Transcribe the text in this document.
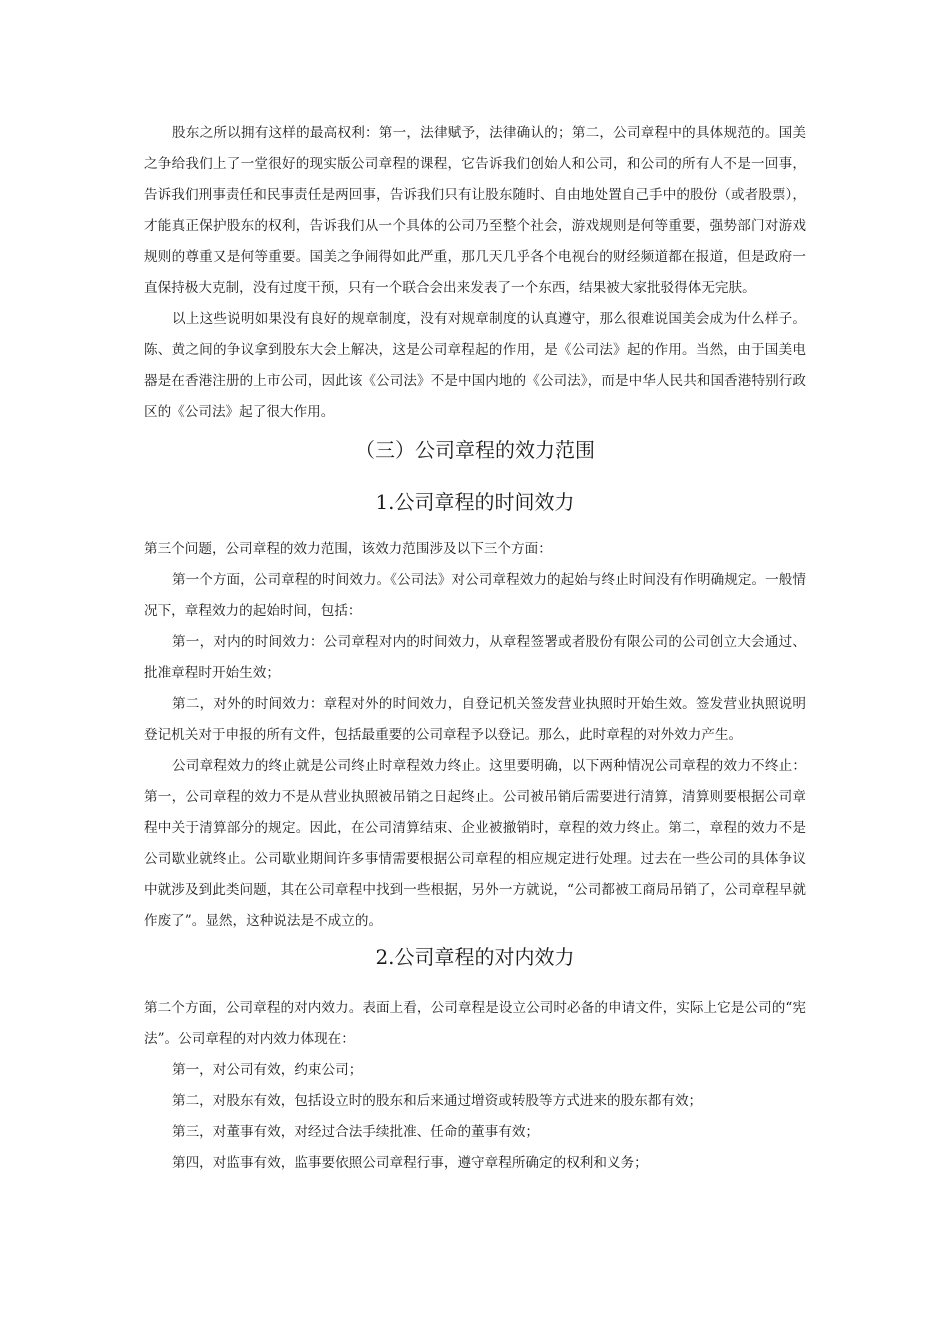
股东之所以拥有这样的最高权利：第一，法律赋予，法律确认的；第二，公司章程中的具体规范的。国美之争给我们上了一堂很好的现实版公司章程的课程，它告诉我们创始人和公司，和公司的所有人不是一回事，告诉我们刑事责任和民事责任是两回事，告诉我们只有让股东随时、自由地处置自己手中的股份（或者股票），才能真正保护股东的权利，告诉我们从一个具体的公司乃至整个社会，游戏规则是何等重要，强势部门对游戏规则的尊重又是何等重要。国美之争闹得如此严重，那几天几乎各个电视台的财经频道都在报道，但是政府一直保持极大克制，没有过度干预，只有一个联合会出来发表了一个东西，结果被大家批驳得体无完肤。

以上这些说明如果没有良好的规章制度，没有对规章制度的认真遵守，那么很难说国美会成为什么样子。陈、黄之间的争议拿到股东大会上解决，这是公司章程起的作用，是《公司法》起的作用。当然，由于国美电器是在香港注册的上市公司，因此该《公司法》不是中国内地的《公司法》，而是中华人民共和国香港特别行政区的《公司法》起了很大作用。

（三）公司章程的效力范围
1.公司章程的时间效力

第三个问题，公司章程的效力范围，该效力范围涉及以下三个方面：

第一个方面，公司章程的时间效力。《公司法》对公司章程效力的起始与终止时间没有作明确规定。一般情况下，章程效力的起始时间，包括：

第一，对内的时间效力：公司章程对内的时间效力，从章程签署或者股份有限公司的公司创立大会通过、批准章程时开始生效；

第二，对外的时间效力：章程对外的时间效力，自登记机关签发营业执照时开始生效。签发营业执照说明登记机关对于申报的所有文件，包括最重要的公司章程予以登记。那么，此时章程的对外效力产生。

公司章程效力的终止就是公司终止时章程效力终止。这里要明确，以下两种情况公司章程的效力不终止：第一，公司章程的效力不是从营业执照被吊销之日起终止。公司被吊销后需要进行清算，清算则要根据公司章程中关于清算部分的规定。因此，在公司清算结束、企业被撤销时，章程的效力终止。第二，章程的效力不是公司歇业就终止。公司歇业期间许多事情需要根据公司章程的相应规定进行处理。过去在一些公司的具体争议中就涉及到此类问题，其在公司章程中找到一些根据，另外一方就说，“公司都被工商局吊销了，公司章程早就作废了”。显然，这种说法是不成立的。

2.公司章程的对内效力

第二个方面，公司章程的对内效力。表面上看，公司章程是设立公司时必备的申请文件，实际上它是公司的“宪法”。公司章程的对内效力体现在：

第一，对公司有效，约束公司；

第二，对股东有效，包括设立时的股东和后来通过增资或转股等方式进来的股东都有效；

第三，对董事有效，对经过合法手续批准、任命的董事有效；

第四，对监事有效，监事要依照公司章程行事，遵守章程所确定的权利和义务；
